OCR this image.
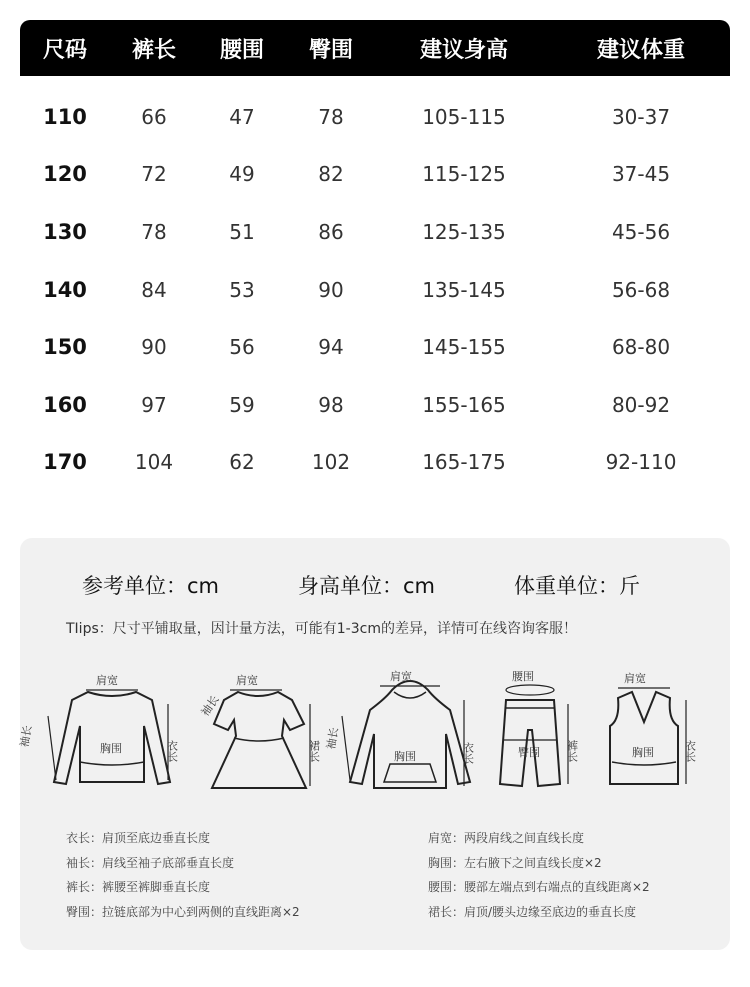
尺码	裤长	腰围	臀围	建议身高	建议体重
110	66	47	78	105-115	30-37
120	72	49	82	115-125	37-45
130	78	51	86	125-135	45-56
140	84	53	90	135-145	56-68
150	90	56	94	145-155	68-80
160	97	59	98	155-165	80-92
170	104	62	102	165-175	92-110
参考单位：cm	身高单位：cm	体重单位：斤
TIips：尺寸平铺取量，因计量方法，可能有1-3cm的差异，详情可在线咨询客服！
肩宽
袖长
胸围	衣长
肩宽
袖长
裙长
肩宽
袖长
胸围	衣长
腰围
臀围 裤长
肩宽
胸围	衣长
衣长：肩顶至底边垂直长度
袖长：肩线至袖子底部垂直长度
裤长：裤腰至裤脚垂直长度
臀围：拉链底部为中心到两侧的直线距离×2
肩宽：两段肩线之间直线长度
胸围：左右腋下之间直线长度×2
腰围：腰部左端点到右端点的直线距离×2
裙长：肩顶/腰头边缘至底边的垂直长度
